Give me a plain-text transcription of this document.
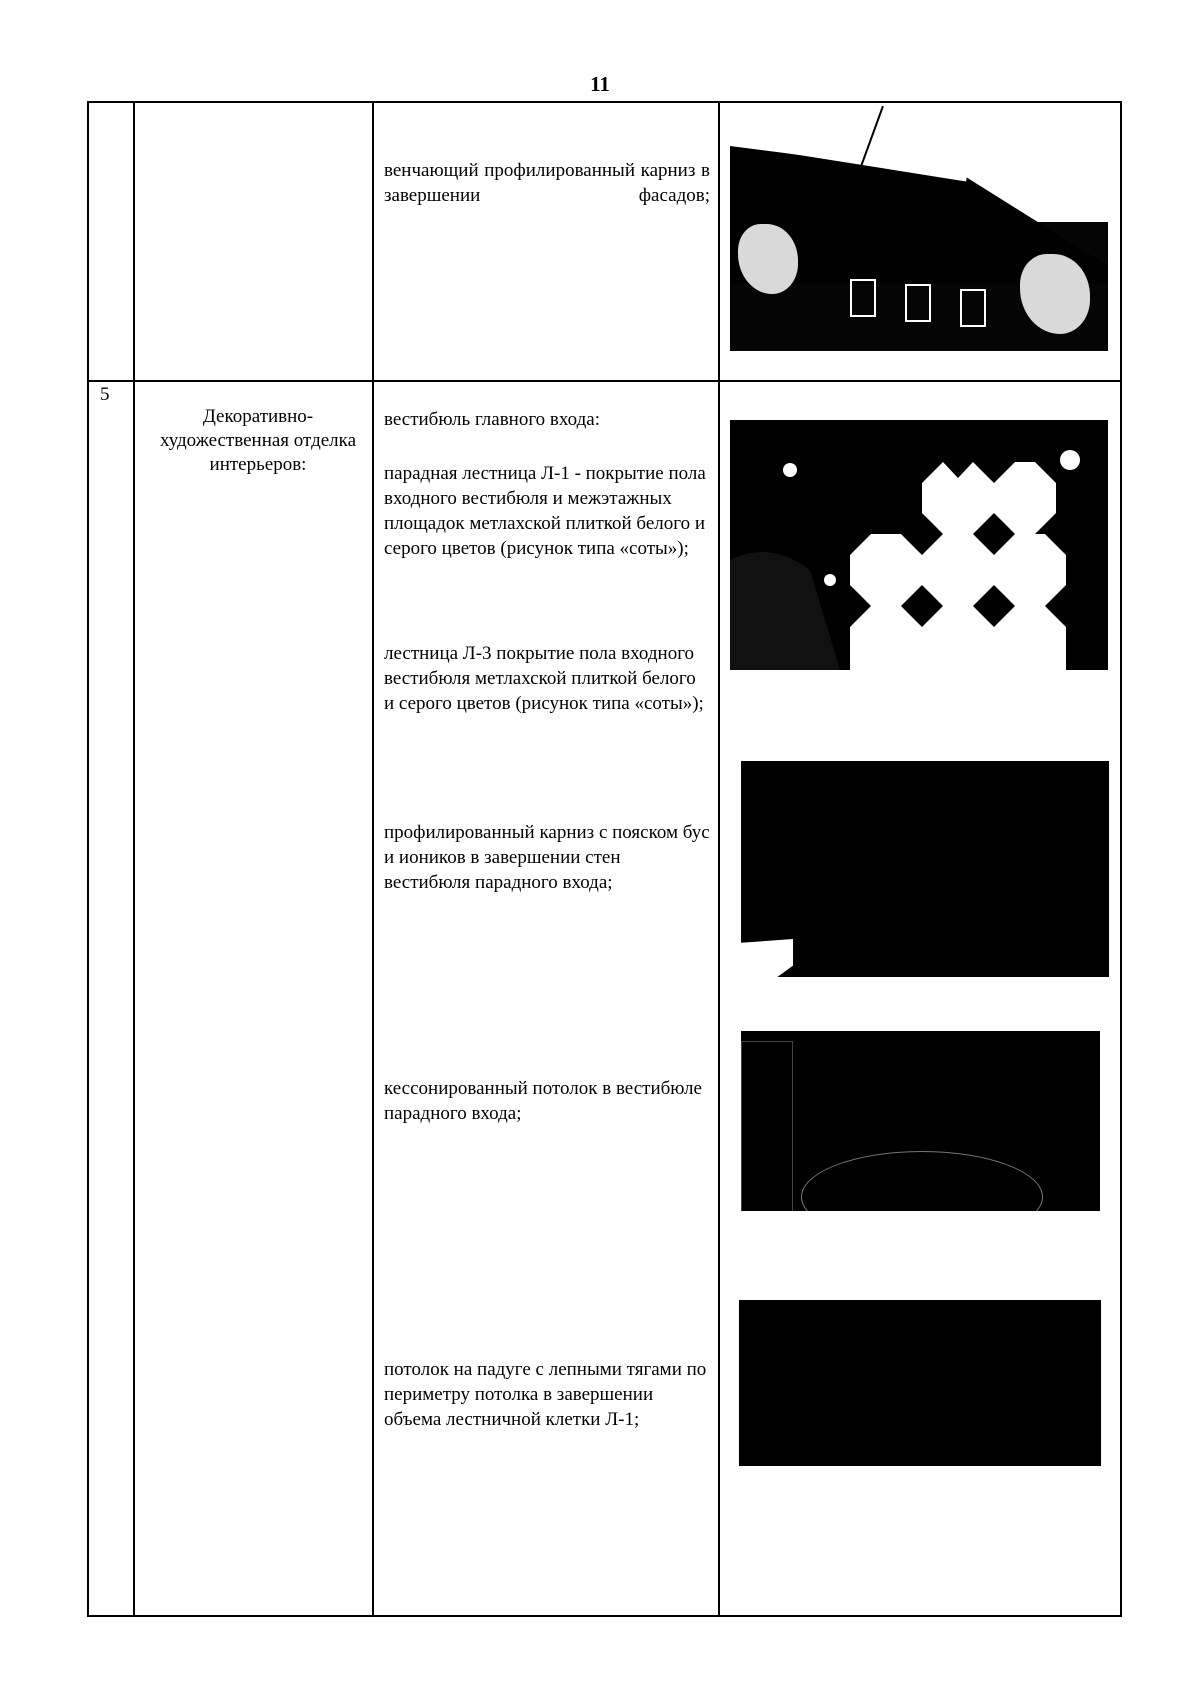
11
венчающий профилированный карниз в завершении фасадов;
5
Декоративно-художественная отделка интерьеров:
вестибюль главного входа:
парадная лестница Л-1 - покрытие пола входного вестибюля и межэтажных площадок метлахской плиткой белого и серого цветов (рисунок типа «соты»);
лестница Л-3 покрытие пола входного вестибюля метлахской плиткой белого и серого цветов (рисунок типа «соты»);
профилированный карниз с пояском бус и иоников в завершении стен вестибюля парадного входа;
кессонированный потолок в вестибюле парадного входа;
потолок на падуге с лепными тягами по периметру потолка в завершении объема лестничной клетки Л-1;
